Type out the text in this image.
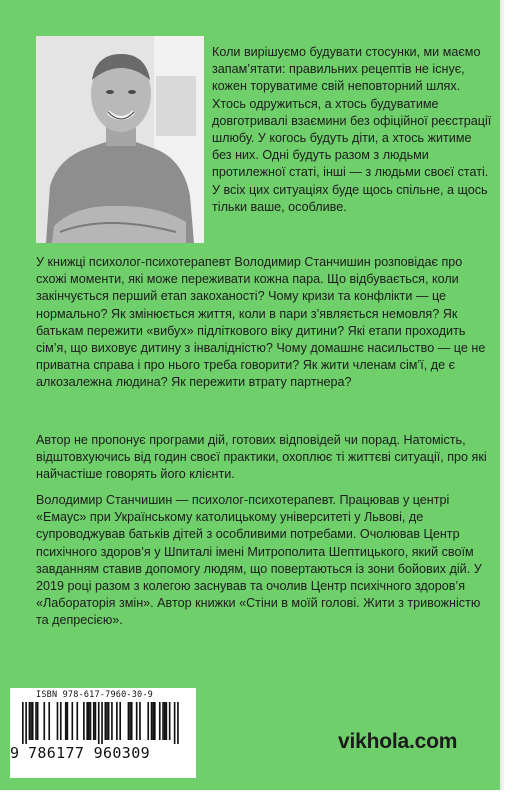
Коли вирішуємо будувати стосунки, ми маємо запам’ятати: правильних рецептів не існує, кожен торуватиме свій неповторний шлях. Хтось одружиться, а хтось будуватиме довготривалі взаємини без офіційної реєстрації шлюбу. У когось будуть діти, а хтось житиме без них. Одні будуть разом з людьми протилежної статі, інші — з людьми своєї статі. У всіх цих ситуаціях буде щось спільне, а щось тільки ваше, особливе.

У книжці психолог-психотерапевт Володимир Станчишин розповідає про схожі моменти, які може переживати кожна пара. Що відбувається, коли закінчується перший етап закоханості? Чому кризи та конфлікти — це нормально? Як змінюється життя, коли в пари з’являється немовля? Як батькам пережити «вибух» підліткового віку дитини? Які етапи проходить сім’я, що виховує дитину з інвалідністю? Чому домашнє насильство — це не приватна справа і про нього треба говорити? Як жити членам сім’ї, де є алкозалежна людина? Як пережити втрату партнера?

Автор не пропонує програми дій, готових відповідей чи порад. Натомість, відштовхуючись від годин своєї практики, охоплює ті життєві ситуації, про які найчастіше говорять його клієнти.

Володимир Станчишин — психолог-психотерапевт. Працював у центрі «Емаус» при Українському католицькому університеті у Львові, де супроводжував батьків дітей з особливими потребами. Очолював Центр психічного здоров’я у Шпиталі імені Митрополита Шептицького, який своїм завданням ставив допомогу людям, що повертаються із зони бойових дій. У 2019 році разом з колегою заснував та очолив Центр психічного здоров’я «Лабораторія змін». Автор книжки «Стіни в моїй голові. Жити з тривожністю та депресією».

ISBN 978-617-7960-30-9
9 786177 960309	vikhola.com
